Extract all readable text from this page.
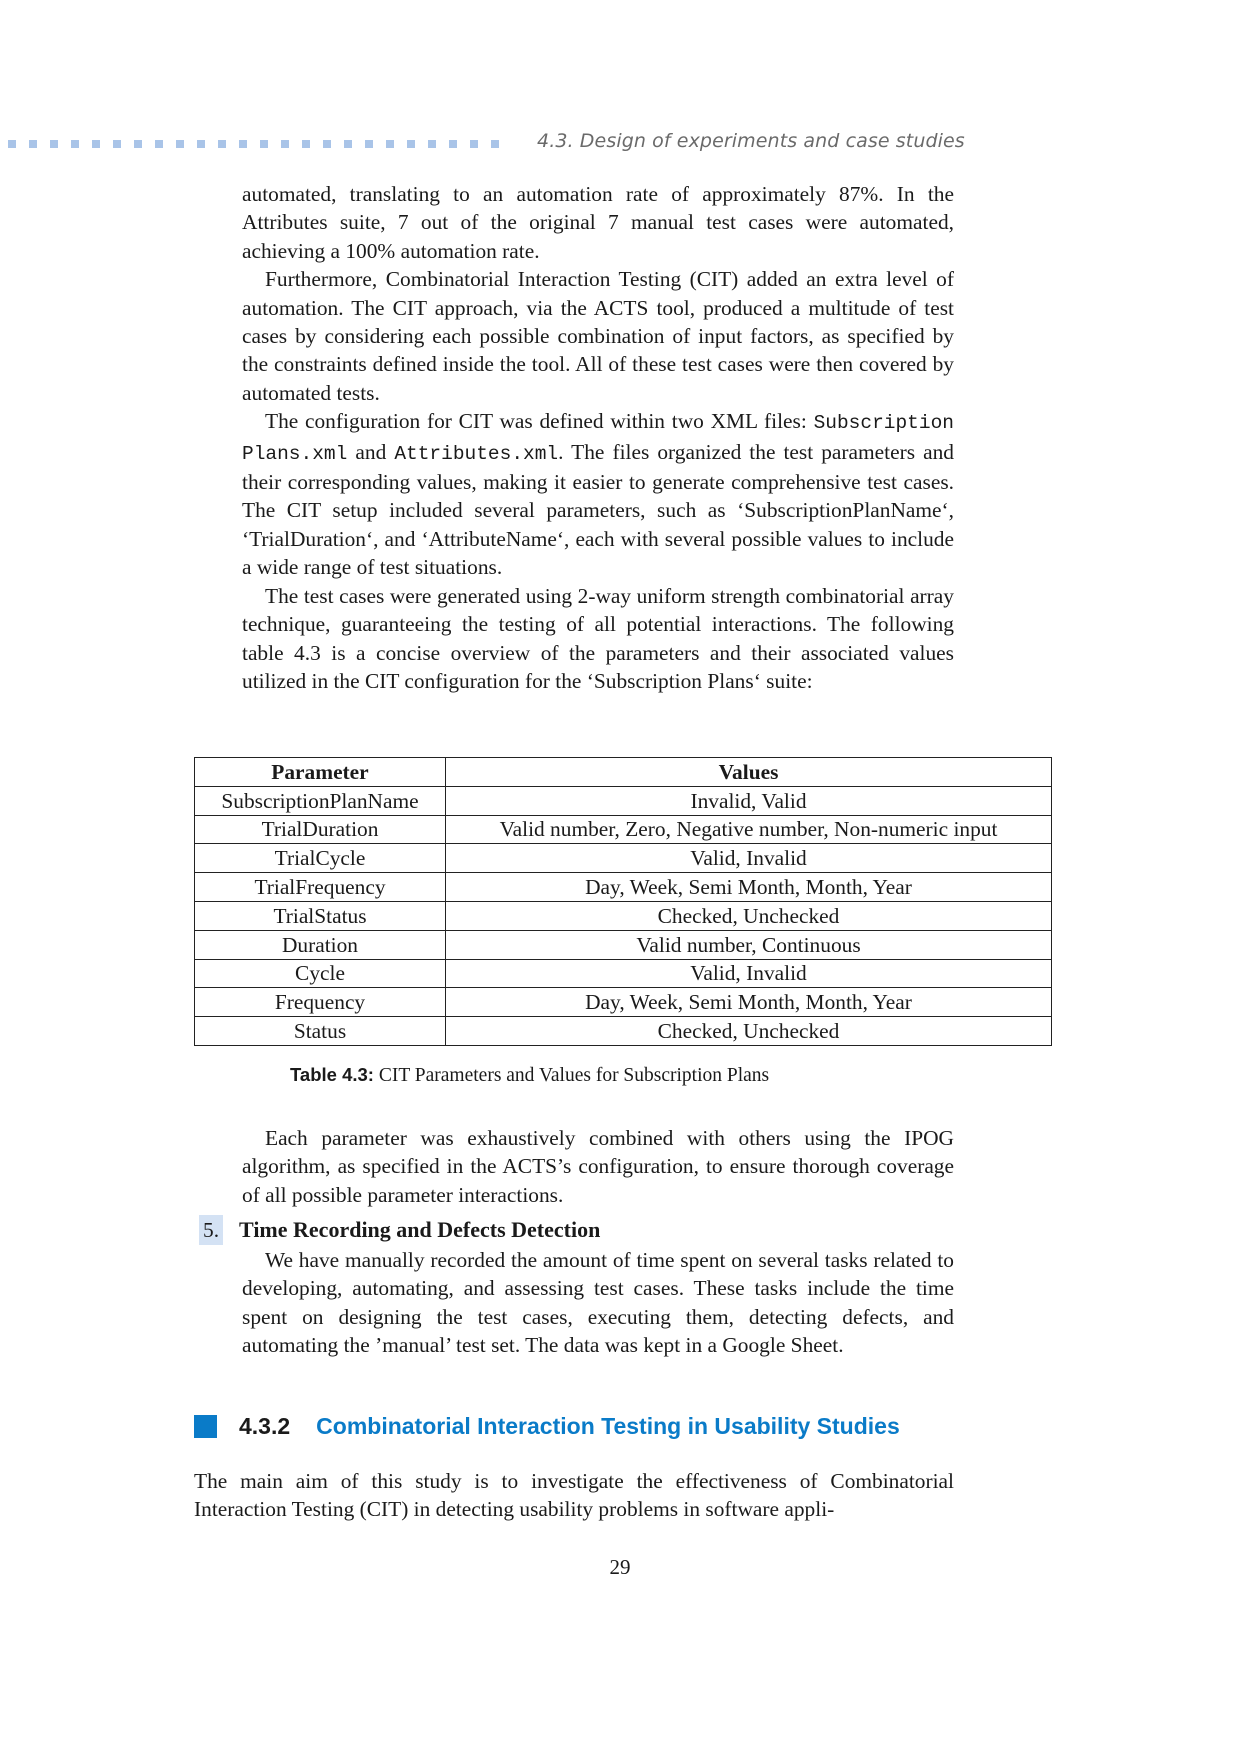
4.3. Design of experiments and case studies

automated, translating to an automation rate of approximately 87%. In the Attributes suite, 7 out of the original 7 manual test cases were automated, achieving a 100% automation rate.

Furthermore, Combinatorial Interaction Testing (CIT) added an extra level of automation. The CIT approach, via the ACTS tool, produced a multitude of test cases by considering each possible combination of input factors, as specified by the constraints defined inside the tool. All of these test cases were then covered by automated tests.

The configuration for CIT was defined within two XML files: Subscription Plans.xml and Attributes.xml. The files organized the test parameters and their corresponding values, making it easier to generate comprehensive test cases. The CIT setup included several parameters, such as ‘SubscriptionPlanName‘, ‘TrialDuration‘, and ‘AttributeName‘, each with several possible values to include a wide range of test situations.

The test cases were generated using 2-way uniform strength combinatorial array technique, guaranteeing the testing of all potential interactions. The following table 4.3 is a concise overview of the parameters and their associated values utilized in the CIT configuration for the ‘Subscription Plans‘ suite:

Parameter	Values
SubscriptionPlanName	Invalid, Valid
TrialDuration	Valid number, Zero, Negative number, Non-numeric input
TrialCycle	Valid, Invalid
TrialFrequency	Day, Week, Semi Month, Month, Year
TrialStatus	Checked, Unchecked
Duration	Valid number, Continuous
Cycle	Valid, Invalid
Frequency	Day, Week, Semi Month, Month, Year
Status	Checked, Unchecked
Table 4.3: CIT Parameters and Values for Subscription Plans

Each parameter was exhaustively combined with others using the IPOG algorithm, as specified in the ACTS’s configuration, to ensure thorough coverage of all possible parameter interactions.

5. Time Recording and Defects Detection

We have manually recorded the amount of time spent on several tasks related to developing, automating, and assessing test cases. These tasks include the time spent on designing the test cases, executing them, detecting defects, and automating the ’manual’ test set. The data was kept in a Google Sheet.

4.3.2 Combinatorial Interaction Testing in Usability Studies

The main aim of this study is to investigate the effectiveness of Combinatorial Interaction Testing (CIT) in detecting usability problems in software appli-

29
